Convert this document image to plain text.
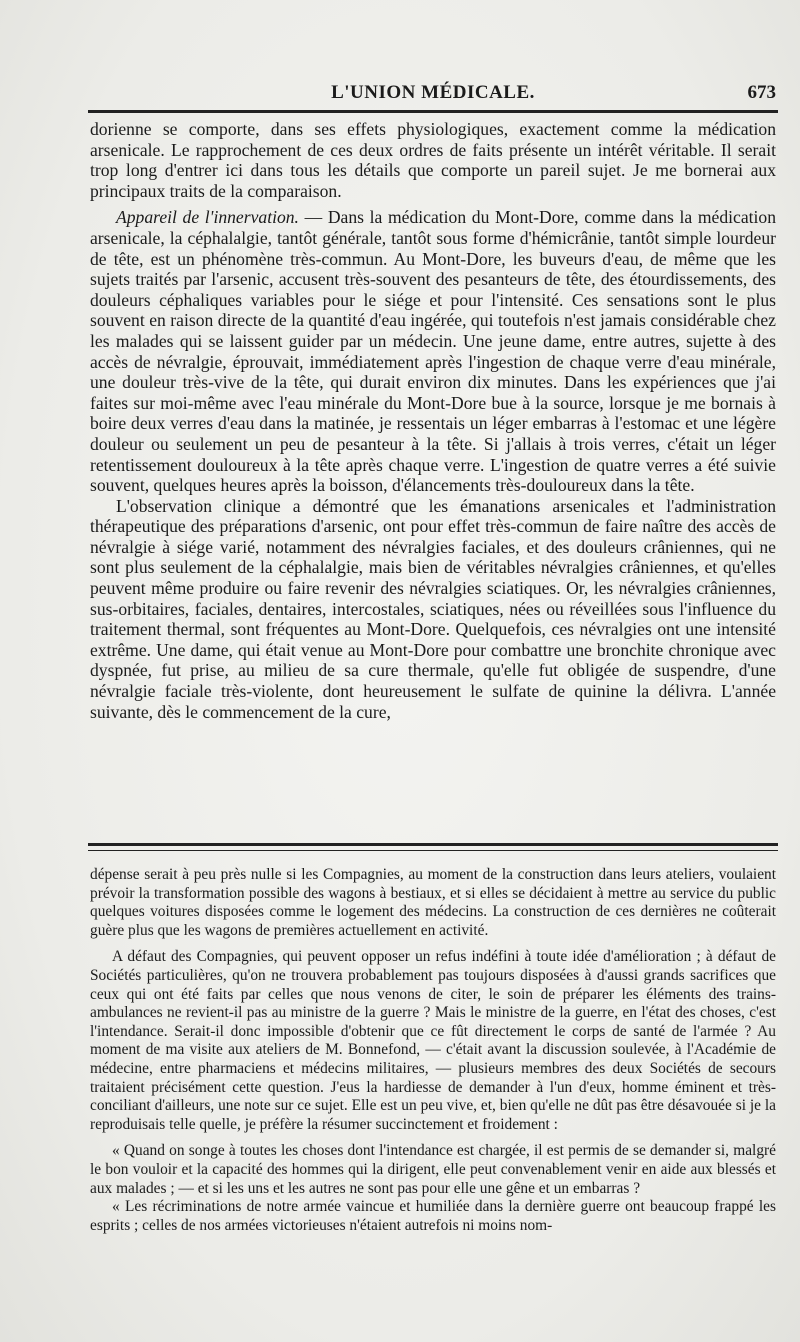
L'UNION MÉDICALE.	673

dorienne se comporte, dans ses effets physiologiques, exactement comme la médication arsenicale. Le rapprochement de ces deux ordres de faits présente un intérêt véritable. Il serait trop long d'entrer ici dans tous les détails que comporte un pareil sujet. Je me bornerai aux principaux traits de la comparaison.

Appareil de l'innervation. — Dans la médication du Mont-Dore, comme dans la médication arsenicale, la céphalalgie, tantôt générale, tantôt sous forme d'hémicrânie, tantôt simple lourdeur de tête, est un phénomène très-commun. Au Mont-Dore, les buveurs d'eau, de même que les sujets traités par l'arsenic, accusent très-souvent des pesanteurs de tête, des étourdissements, des douleurs céphaliques variables pour le siége et pour l'intensité. Ces sensations sont le plus souvent en raison directe de la quantité d'eau ingérée, qui toutefois n'est jamais considérable chez les malades qui se laissent guider par un médecin. Une jeune dame, entre autres, sujette à des accès de névralgie, éprouvait, immédiatement après l'ingestion de chaque verre d'eau minérale, une douleur très-vive de la tête, qui durait environ dix minutes. Dans les expériences que j'ai faites sur moi-même avec l'eau minérale du Mont-Dore bue à la source, lorsque je me bornais à boire deux verres d'eau dans la matinée, je ressentais un léger embarras à l'estomac et une légère douleur ou seulement un peu de pesanteur à la tête. Si j'allais à trois verres, c'était un léger retentissement douloureux à la tête après chaque verre. L'ingestion de quatre verres a été suivie souvent, quelques heures après la boisson, d'élancements très-douloureux dans la tête.

L'observation clinique a démontré que les émanations arsenicales et l'administration thérapeutique des préparations d'arsenic, ont pour effet très-commun de faire naître des accès de névralgie à siége varié, notamment des névralgies faciales, et des douleurs crâniennes, qui ne sont plus seulement de la céphalalgie, mais bien de véritables névralgies crâniennes, et qu'elles peuvent même produire ou faire revenir des névralgies sciatiques. Or, les névralgies crâniennes, sus-orbitaires, faciales, dentaires, intercostales, sciatiques, nées ou réveillées sous l'influence du traitement thermal, sont fréquentes au Mont-Dore. Quelquefois, ces névralgies ont une intensité extrême. Une dame, qui était venue au Mont-Dore pour combattre une bronchite chronique avec dyspnée, fut prise, au milieu de sa cure thermale, qu'elle fut obligée de suspendre, d'une névralgie faciale très-violente, dont heureusement le sulfate de quinine la délivra. L'année suivante, dès le commencement de la cure,

dépense serait à peu près nulle si les Compagnies, au moment de la construction dans leurs ateliers, voulaient prévoir la transformation possible des wagons à bestiaux, et si elles se décidaient à mettre au service du public quelques voitures disposées comme le logement des médecins. La construction de ces dernières ne coûterait guère plus que les wagons de premières actuellement en activité.

A défaut des Compagnies, qui peuvent opposer un refus indéfini à toute idée d'amélioration ; à défaut de Sociétés particulières, qu'on ne trouvera probablement pas toujours disposées à d'aussi grands sacrifices que ceux qui ont été faits par celles que nous venons de citer, le soin de préparer les éléments des trains-ambulances ne revient-il pas au ministre de la guerre ? Mais le ministre de la guerre, en l'état des choses, c'est l'intendance. Serait-il donc impossible d'obtenir que ce fût directement le corps de santé de l'armée ? Au moment de ma visite aux ateliers de M. Bonnefond, — c'était avant la discussion soulevée, à l'Académie de médecine, entre pharmaciens et médecins militaires, — plusieurs membres des deux Sociétés de secours traitaient précisément cette question. J'eus la hardiesse de demander à l'un d'eux, homme éminent et très-conciliant d'ailleurs, une note sur ce sujet. Elle est un peu vive, et, bien qu'elle ne dût pas être désavouée si je la reproduisais telle quelle, je préfère la résumer succinctement et froidement :

« Quand on songe à toutes les choses dont l'intendance est chargée, il est permis de se demander si, malgré le bon vouloir et la capacité des hommes qui la dirigent, elle peut convenablement venir en aide aux blessés et aux malades ; — et si les uns et les autres ne sont pas pour elle une gêne et un embarras ?

« Les récriminations de notre armée vaincue et humiliée dans la dernière guerre ont beaucoup frappé les esprits ; celles de nos armées victorieuses n'étaient autrefois ni moins nom-
